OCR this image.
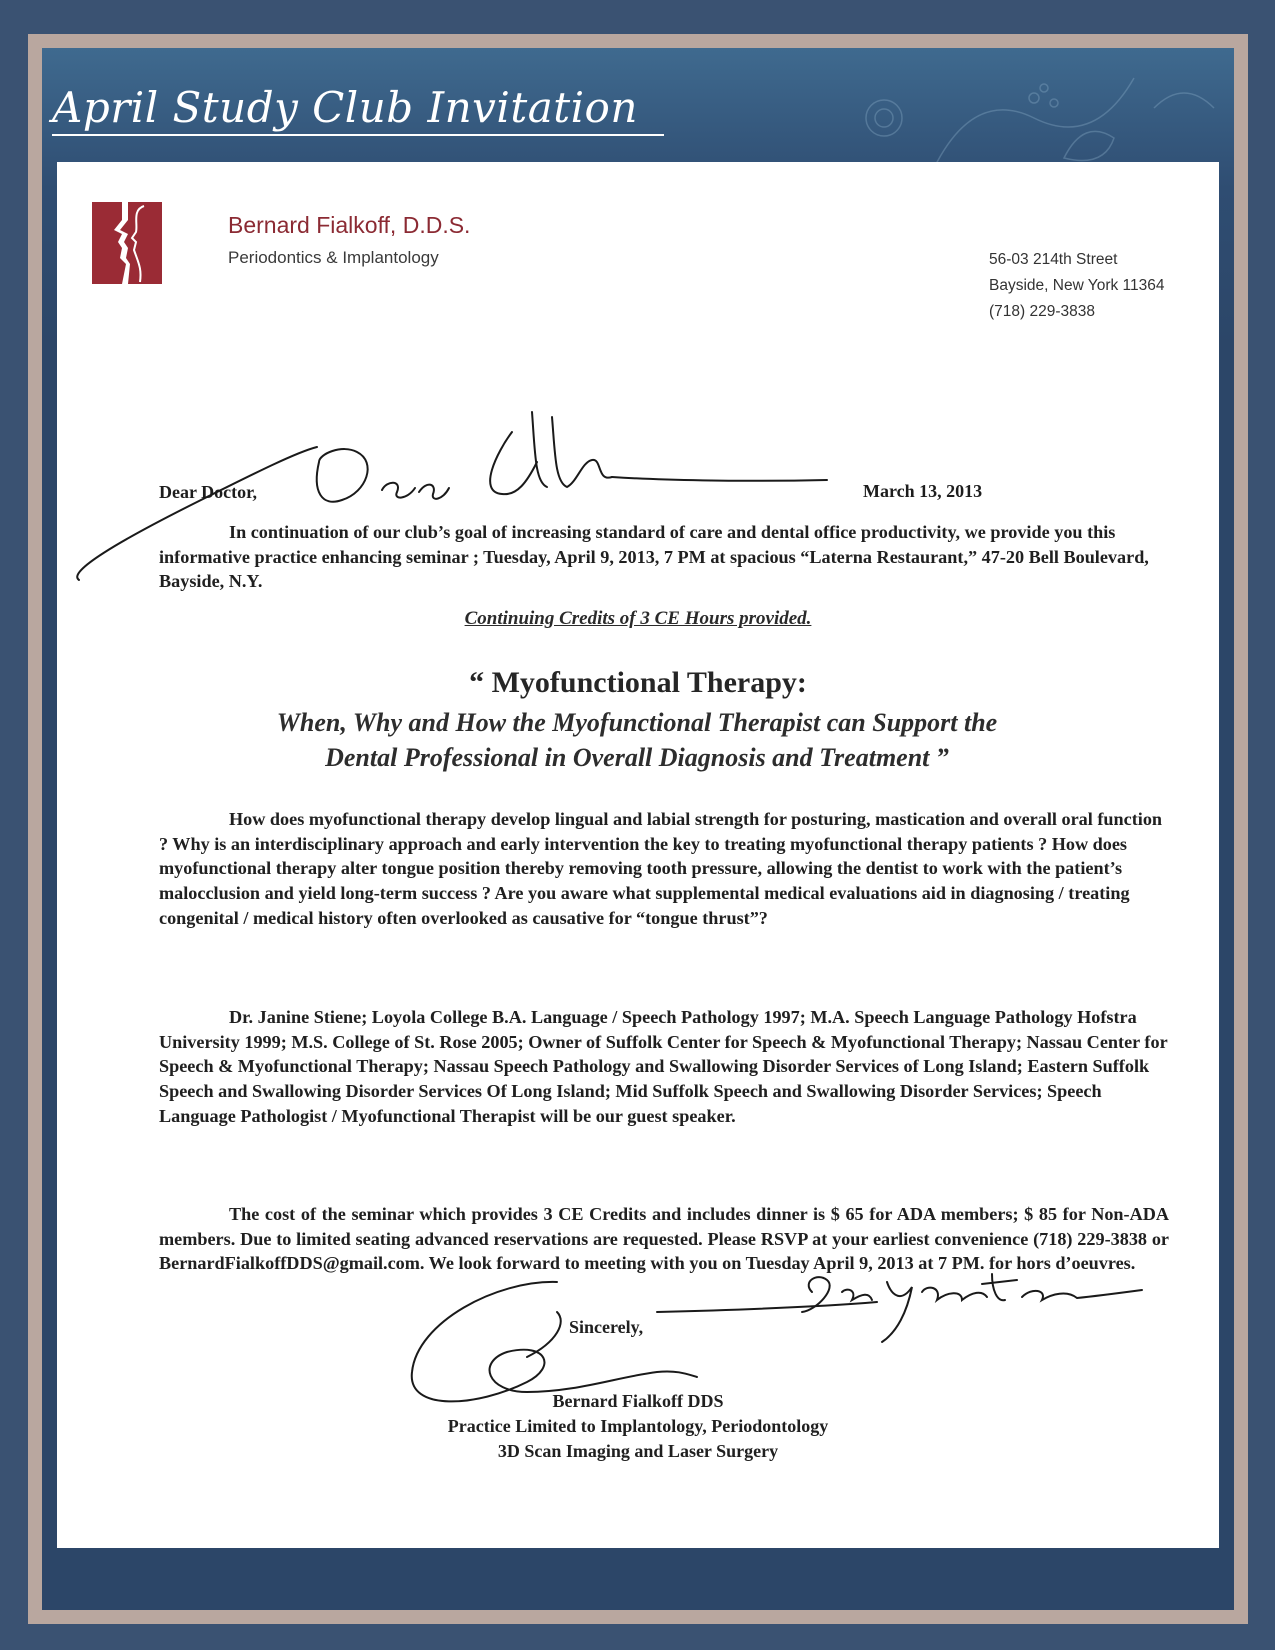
April Study Club Invitation
Bernard Fialkoff, D.D.S.
Periodontics & Implantology	56-03 214th Street
Bayside, New York 11364
(718) 229-3838
Dear Doctor,	March 13, 2013
In continuation of our club’s goal of increasing standard of care and dental office productivity, we provide you this informative practice enhancing seminar ; Tuesday, April 9, 2013, 7 PM at spacious “Laterna Restaurant,” 47-20 Bell Boulevard, Bayside, N.Y.
Continuing Credits of 3 CE Hours provided.
“ Myofunctional Therapy:
When, Why and How the Myofunctional Therapist can Support the
Dental Professional in Overall Diagnosis and Treatment ”
How does myofunctional therapy develop lingual and labial strength for posturing, mastication and overall oral function ? Why is an interdisciplinary approach and early intervention the key to treating myofunctional therapy patients ? How does myofunctional therapy alter tongue position thereby removing tooth pressure, allowing the dentist to work with the patient’s malocclusion and yield long-term success ? Are you aware what supplemental medical evaluations aid in diagnosing / treating congenital / medical history often overlooked as causative for “tongue thrust”?
Dr. Janine Stiene; Loyola College B.A. Language / Speech Pathology 1997; M.A. Speech Language Pathology Hofstra University 1999; M.S. College of St. Rose 2005; Owner of Suffolk Center for Speech & Myofunctional Therapy; Nassau Center for Speech & Myofunctional Therapy; Nassau Speech Pathology and Swallowing Disorder Services of Long Island; Eastern Suffolk Speech and Swallowing Disorder Services Of Long Island; Mid Suffolk Speech and Swallowing Disorder Services; Speech Language Pathologist / Myofunctional Therapist will be our guest speaker.
The cost of the seminar which provides 3 CE Credits and includes dinner is $ 65 for ADA members; $ 85 for Non-ADA members. Due to limited seating advanced reservations are requested. Please RSVP at your earliest convenience (718) 229-3838 or BernardFialkoffDDS@gmail.com. We look forward to meeting with you on Tuesday April 9, 2013 at 7 PM. for hors d’oeuvres.
Sincerely,
Bernard Fialkoff DDS
Practice Limited to Implantology, Periodontology
3D Scan Imaging and Laser Surgery
